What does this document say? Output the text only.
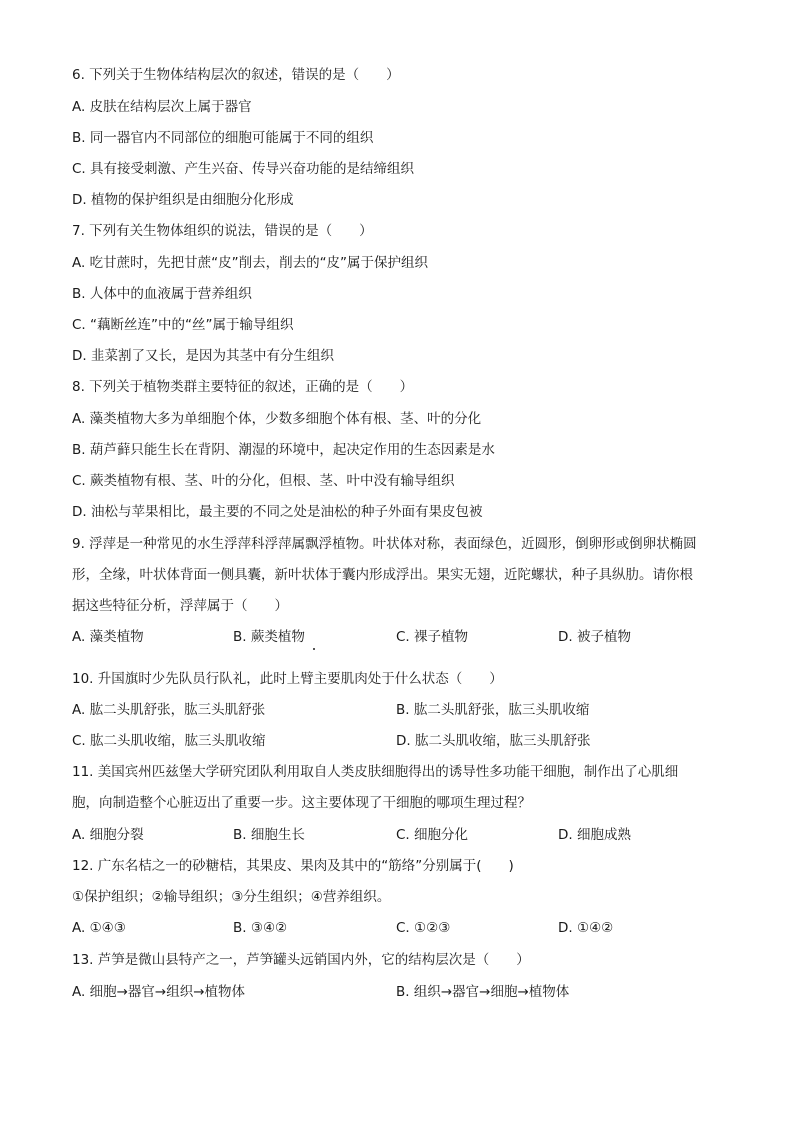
6. 下列关于生物体结构层次的叙述，错误的是（　　）
A. 皮肤在结构层次上属于器官
B. 同一器官内不同部位的细胞可能属于不同的组织
C. 具有接受刺激、产生兴奋、传导兴奋功能的是结缔组织
D. 植物的保护组织是由细胞分化形成
7. 下列有关生物体组织的说法，错误的是（　　）
A. 吃甘蔗时，先把甘蔗“皮”削去，削去的“皮”属于保护组织
B. 人体中的血液属于营养组织
C. “藕断丝连”中的“丝”属于输导组织
D. 韭菜割了又长，是因为其茎中有分生组织
8. 下列关于植物类群主要特征的叙述，正确的是（　　）
A. 藻类植物大多为单细胞个体，少数多细胞个体有根、茎、叶的分化
B. 葫芦藓只能生长在背阴、潮湿的环境中，起决定作用的生态因素是水
C. 蕨类植物有根、茎、叶的分化，但根、茎、叶中没有输导组织
D. 油松与苹果相比，最主要的不同之处是油松的种子外面有果皮包被
9. 浮萍是一种常见的水生浮萍科浮萍属飘浮植物。叶状体对称，表面绿色，近圆形，倒卵形或倒卵状椭圆
形，全缘，叶状体背面一侧具囊，新叶状体于囊内形成浮出。果实无翅，近陀螺状，种子具纵肋。请你根
据这些特征分析，浮萍属于（　　）
A. 藻类植物	B. 蕨类植物	C. 裸子植物	D. 被子植物
10. 升国旗时少先队员行队礼，此时上臂主要肌肉处于什么状态（　　）
A. 肱二头肌舒张，肱三头肌舒张	B. 肱二头肌舒张，肱三头肌收缩
C. 肱二头肌收缩，肱三头肌收缩	D. 肱二头肌收缩，肱三头肌舒张
11. 美国宾州匹兹堡大学研究团队利用取自人类皮肤细胞得出的诱导性多功能干细胞，制作出了心肌细
胞，向制造整个心脏迈出了重要一步。这主要体现了干细胞的哪项生理过程？
A. 细胞分裂	B. 细胞生长	C. 细胞分化	D. 细胞成熟
12. 广东名桔之一的砂糖桔，其果皮、果肉及其中的“筋络”分别属于(　　)
①保护组织；②输导组织；③分生组织；④营养组织。
A. ①④③	B. ③④②	C. ①②③	D. ①④②
13. 芦笋是微山县特产之一，芦笋罐头远销国内外，它的结构层次是（　　）
A. 细胞→器官→组织→植物体	B. 组织→器官→细胞→植物体
